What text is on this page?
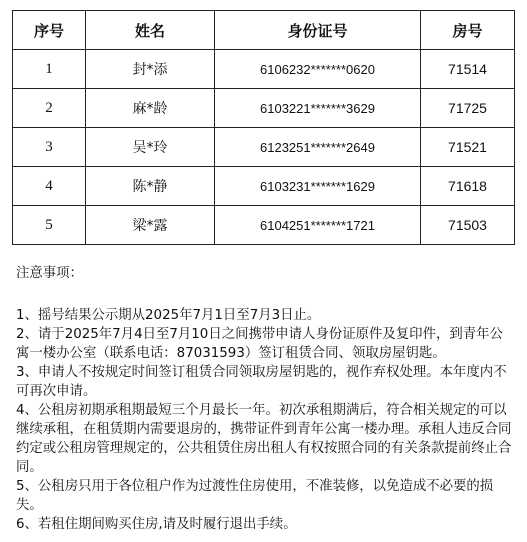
序号	姓名	身份证号	房号
1	封*添	6106232*******0620	71514
2	麻*龄	6103221*******3629	71725
3	吴*玲	6123251*******2649	71521
4	陈*静	6103231*******1629	71618
5	梁*露	6104251*******1721	71503

注意事项：

1、摇号结果公示期从2025年7月1日至7月3日止。

2、请于2025年7月4日至7月10日之间携带申请人身份证原件及复印件，到青年公寓一楼办公室（联系电话：87031593）签订租赁合同、领取房屋钥匙。

3、申请人不按规定时间签订租赁合同领取房屋钥匙的，视作弃权处理。本年度内不可再次申请。

4、公租房初期承租期最短三个月最长一年。初次承租期满后，符合相关规定的可以继续承租，在租赁期内需要退房的，携带证件到青年公寓一楼办理。承租人违反合同约定或公租房管理规定的，公共租赁住房出租人有权按照合同的有关条款提前终止合同。

5、公租房只用于各位租户作为过渡性住房使用，不准装修，以免造成不必要的损失。

6、若租住期间购买住房,请及时履行退出手续。
